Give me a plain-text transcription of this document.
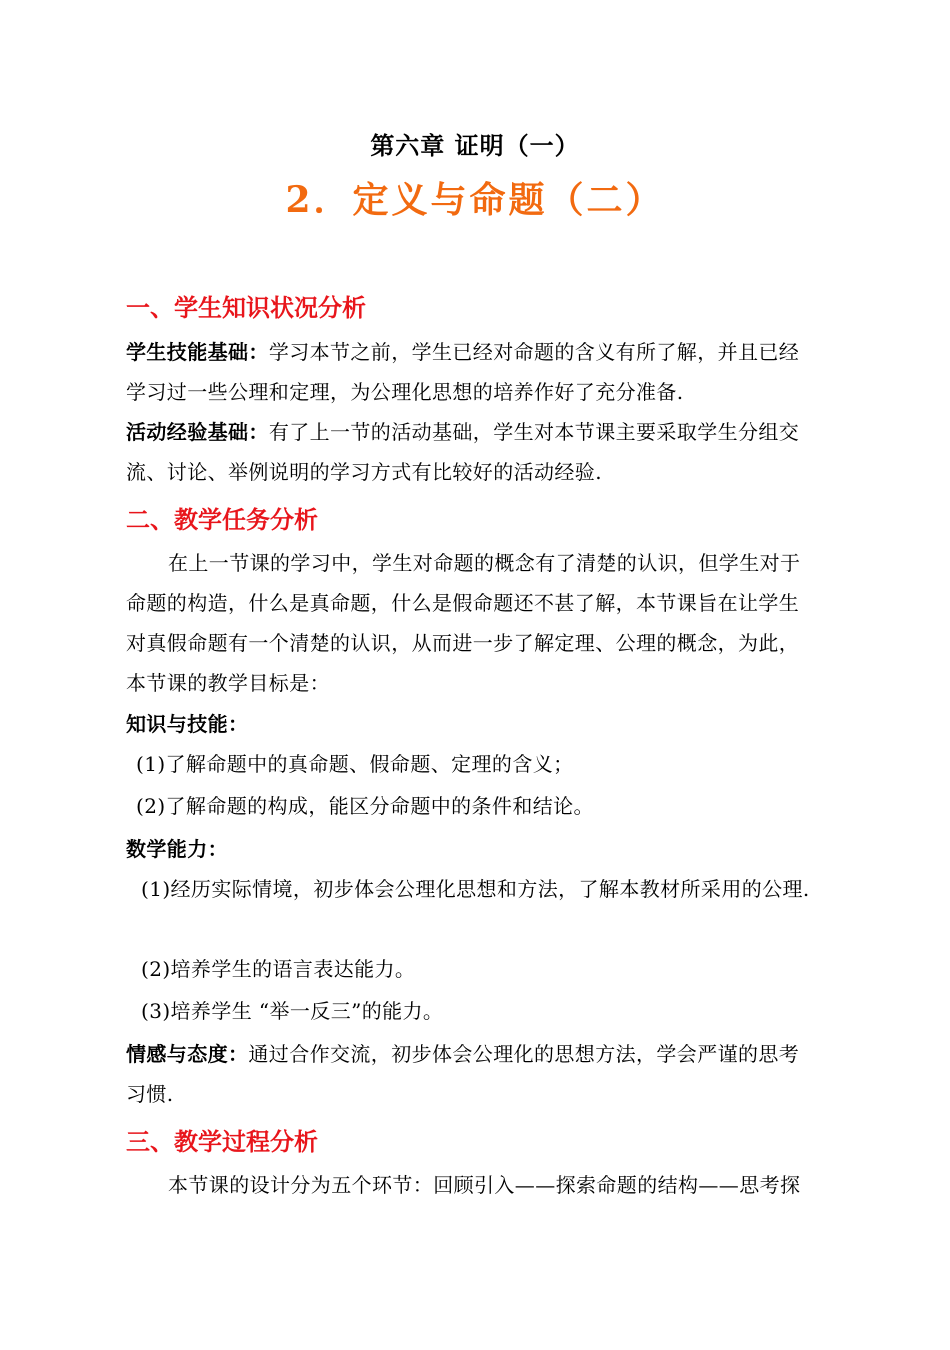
第六章 证明（一）
2．定义与命题（二）
一、学生知识状况分析
学生技能基础：学习本节之前，学生已经对命题的含义有所了解，并且已经
学习过一些公理和定理，为公理化思想的培养作好了充分准备.
活动经验基础：有了上一节的活动基础，学生对本节课主要采取学生分组交
流、讨论、举例说明的学习方式有比较好的活动经验.
二、教学任务分析
在上一节课的学习中，学生对命题的概念有了清楚的认识，但学生对于
命题的构造，什么是真命题，什么是假命题还不甚了解，本节课旨在让学生
对真假命题有一个清楚的认识，从而进一步了解定理、公理的概念，为此，
本节课的教学目标是：
知识与技能：
(1)了解命题中的真命题、假命题、定理的含义；
(2)了解命题的构成，能区分命题中的条件和结论。
数学能力：
(1)经历实际情境，初步体会公理化思想和方法，了解本教材所采用的公理.
(2)培养学生的语言表达能力。
(3)培养学生 “举一反三”的能力。
情感与态度：通过合作交流，初步体会公理化的思想方法，学会严谨的思考
习惯.
三、教学过程分析
本节课的设计分为五个环节：回顾引入——探索命题的结构——思考探
